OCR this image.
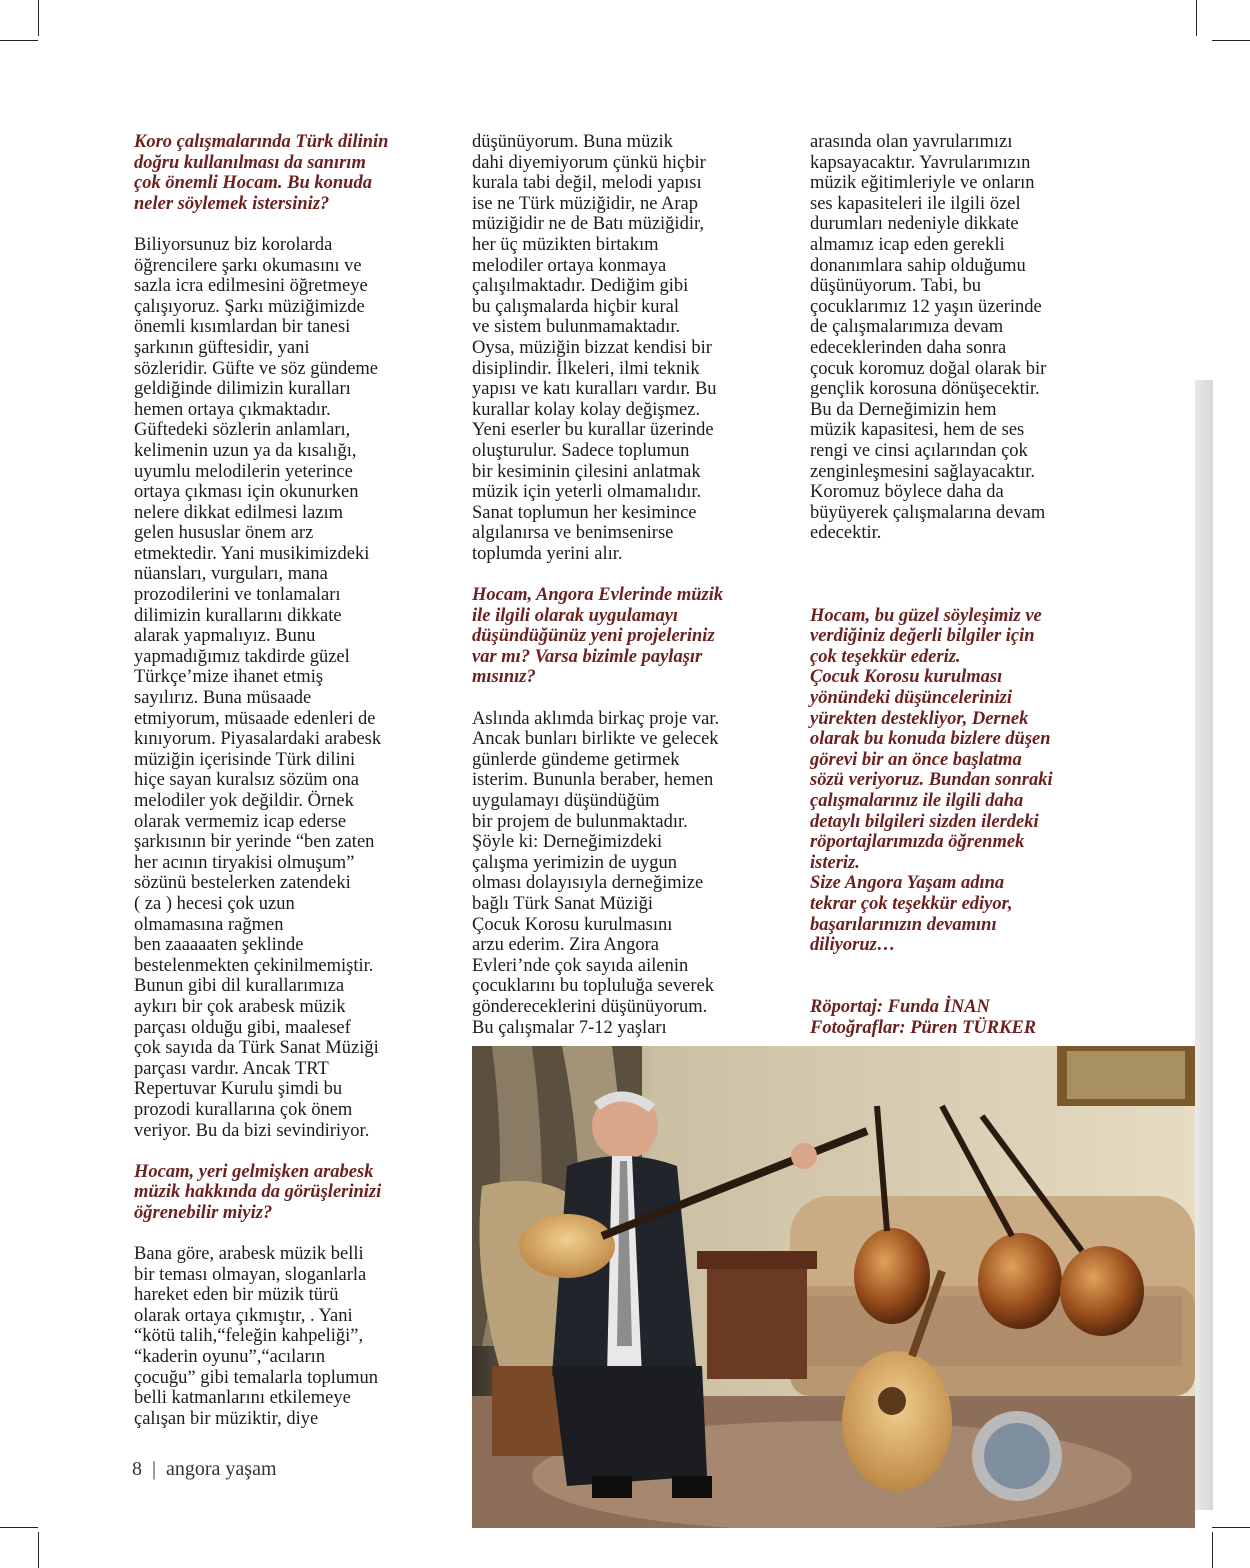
Koro çalışmalarında Türk dilinin
doğru kullanılması da sanırım
çok önemli Hocam. Bu konuda
neler söylemek istersiniz?

Biliyorsunuz biz korolarda
öğrencilere şarkı okumasını ve
sazla icra edilmesini öğretmeye
çalışıyoruz. Şarkı müziğimizde
önemli kısımlardan bir tanesi
şarkının güftesidir, yani
sözleridir. Güfte ve söz gündeme
geldiğinde dilimizin kuralları
hemen ortaya çıkmaktadır.
Güftedeki sözlerin anlamları,
kelimenin uzun ya da kısalığı,
uyumlu melodilerin yeterince
ortaya çıkması için okunurken
nelere dikkat edilmesi lazım
gelen hususlar önem arz
etmektedir. Yani musikimizdeki
nüansları, vurguları, mana
prozodilerini ve tonlamaları
dilimizin kurallarını dikkate
alarak yapmalıyız. Bunu
yapmadığımız takdirde güzel
Türkçe’mize ihanet etmiş
sayılırız. Buna müsaade
etmiyorum, müsaade edenleri de
kınıyorum. Piyasalardaki arabesk
müziğin içerisinde Türk dilini
hiçe sayan kuralsız sözüm ona
melodiler yok değildir. Örnek
olarak vermemiz icap ederse
şarkısının bir yerinde “ben zaten
her acının tiryakisi olmuşum”
sözünü bestelerken zatendeki
( za ) hecesi çok uzun
olmamasına rağmen
ben zaaaaaten şeklinde
bestelenmekten çekinilmemiştir.
Bunun gibi dil kurallarımıza
aykırı bir çok arabesk müzik
parçası olduğu gibi, maalesef
çok sayıda da Türk Sanat Müziği
parçası vardır. Ancak TRT
Repertuvar Kurulu şimdi bu
prozodi kurallarına çok önem
veriyor. Bu da bizi sevindiriyor.

Hocam, yeri gelmişken arabesk
müzik hakkında da görüşlerinizi
öğrenebilir miyiz?

Bana göre, arabesk müzik belli
bir teması olmayan, sloganlarla
hareket eden bir müzik türü
olarak ortaya çıkmıştır, . Yani
“kötü talih,“feleğin kahpeliği”,
“kaderin oyunu”,“acıların
çocuğu” gibi temalarla toplumun
belli katmanlarını etkilemeye
çalışan bir müziktir, diye

düşünüyorum. Buna müzik
dahi diyemiyorum çünkü hiçbir
kurala tabi değil, melodi yapısı
ise ne Türk müziğidir, ne Arap
müziğidir ne de Batı müziğidir,
her üç müzikten birtakım
melodiler ortaya konmaya
çalışılmaktadır. Dediğim gibi
bu çalışmalarda hiçbir kural
ve sistem bulunmamaktadır.
Oysa, müziğin bizzat kendisi bir
disiplindir. İlkeleri, ilmi teknik
yapısı ve katı kuralları vardır. Bu
kurallar kolay kolay değişmez.
Yeni eserler bu kurallar üzerinde
oluşturulur. Sadece toplumun
bir kesiminin çilesini anlatmak
müzik için yeterli olmamalıdır.
Sanat toplumun her kesimince
algılanırsa ve benimsenirse
toplumda yerini alır.

Hocam, Angora Evlerinde müzik
ile ilgili olarak uygulamayı
düşündüğünüz yeni projeleriniz
var mı? Varsa bizimle paylaşır
mısınız?

Aslında aklımda birkaç proje var.
Ancak bunları birlikte ve gelecek
günlerde gündeme getirmek
isterim. Bununla beraber, hemen
uygulamayı düşündüğüm
bir projem de bulunmaktadır.
Şöyle ki: Derneğimizdeki
çalışma yerimizin de uygun
olması dolayısıyla derneğimize
bağlı Türk Sanat Müziği
Çocuk Korosu kurulmasını
arzu ederim. Zira Angora
Evleri’nde çok sayıda ailenin
çocuklarını bu topluluğa severek
göndereceklerini düşünüyorum.
Bu çalışmalar 7-12 yaşları

arasında olan yavrularımızı
kapsayacaktır. Yavrularımızın
müzik eğitimleriyle ve onların
ses kapasiteleri ile ilgili özel
durumları nedeniyle dikkate
almamız icap eden gerekli
donanımlara sahip olduğumu
düşünüyorum. Tabi, bu
çocuklarımız 12 yaşın üzerinde
de çalışmalarımıza devam
edeceklerinden daha sonra
çocuk koromuz doğal olarak bir
gençlik korosuna dönüşecektir.
Bu da Derneğimizin hem
müzik kapasitesi, hem de ses
rengi ve cinsi açılarından çok
zenginleşmesini sağlayacaktır.
Koromuz böylece daha da
büyüyerek çalışmalarına devam
edecektir.

Hocam, bu güzel söyleşimiz ve
verdiğiniz değerli bilgiler için
çok teşekkür ederiz.
Çocuk Korosu kurulması
yönündeki düşüncelerinizi
yürekten destekliyor, Dernek
olarak bu konuda bizlere düşen
görevi bir an önce başlatma
sözü veriyoruz. Bundan sonraki
çalışmalarınız ile ilgili daha
detaylı bilgileri sizden ilerdeki
röportajlarımızda öğrenmek
isteriz.
Size Angora Yaşam adına
tekrar çok teşekkür ediyor,
başarılarınızın devamını
diliyoruz…

Röportaj: Funda İNAN
Fotoğraflar: Püren TÜRKER

8 | angora yaşam
